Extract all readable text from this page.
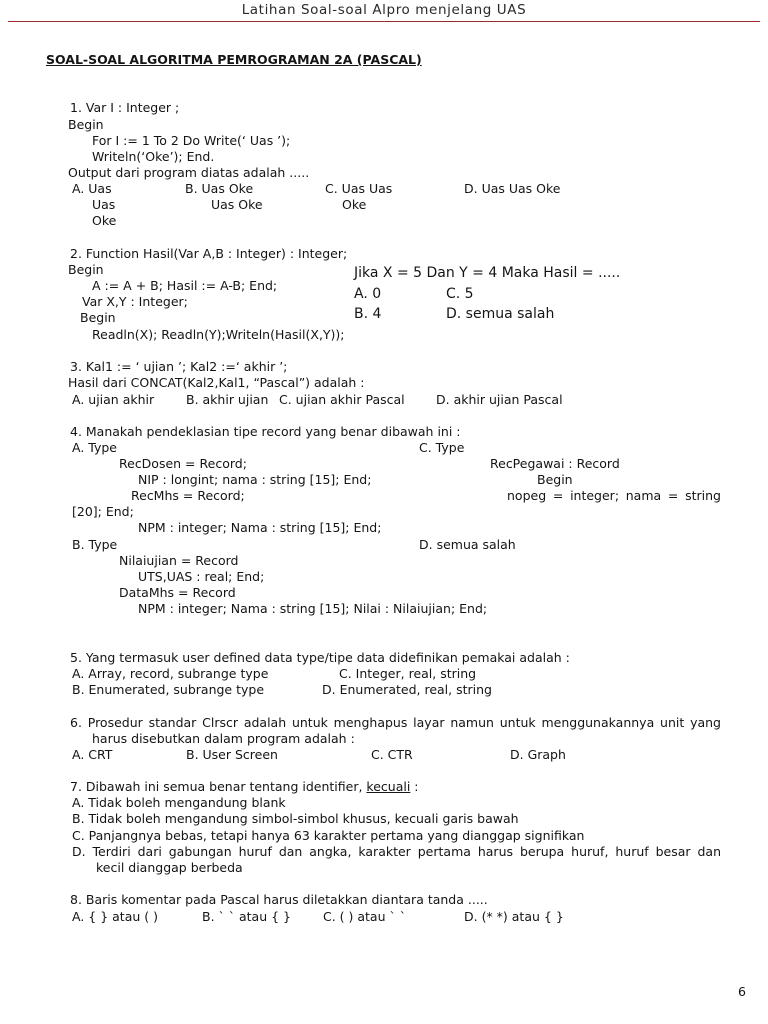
Latihan Soal-soal Alpro menjelang UAS
SOAL-SOAL ALGORITMA PEMROGRAMAN 2A (PASCAL)
1. Var I : Integer ;
Begin
For I := 1 To 2 Do Write(‘ Uas ’);
Writeln(‘Oke’); End.
Output dari program diatas adalah .....
A. Uas	B. Uas Oke	C. Uas Uas	D. Uas Uas Oke
Uas	Uas Oke	Oke
Oke
2. Function Hasil(Var A,B : Integer) : Integer;
Begin
A := A + B; Hasil := A-B; End;
Var X,Y : Integer;
Begin
Readln(X); Readln(Y);Writeln(Hasil(X,Y));
Jika X = 5 Dan Y = 4 Maka Hasil = .....
A. 0	C. 5
B. 4	D. semua salah
3. Kal1 := ‘ ujian ’; Kal2 :=‘ akhir ’;
Hasil dari CONCAT(Kal2,Kal1, “Pascal”) adalah :
A. ujian akhir	B. akhir ujian C. ujian akhir Pascal	D. akhir ujian Pascal
4. Manakah pendeklasian tipe record yang benar dibawah ini :
A. Type	C. Type
RecDosen = Record;	RecPegawai : Record
NIP : longint; nama : string [15]; End;	Begin
RecMhs = Record;	nopeg = integer; nama = string
[20]; End;
NPM : integer; Nama : string [15]; End;
B. Type	D. semua salah
Nilaiujian = Record
UTS,UAS : real; End;
DataMhs = Record
NPM : integer; Nama : string [15]; Nilai : Nilaiujian; End;
5. Yang termasuk user defined data type/tipe data didefinikan pemakai adalah :
A. Array, record, subrange type	C. Integer, real, string
B. Enumerated, subrange type	D. Enumerated, real, string
6. Prosedur standar Clrscr adalah untuk menghapus layar namun untuk menggunakannya unit yang
harus disebutkan dalam program adalah :
A. CRT	B. User Screen	C. CTR	D. Graph
7. Dibawah ini semua benar tentang identifier, kecuali :
A. Tidak boleh mengandung blank
B. Tidak boleh mengandung simbol-simbol khusus, kecuali garis bawah
C. Panjangnya bebas, tetapi hanya 63 karakter pertama yang dianggap signifikan
D. Terdiri dari gabungan huruf dan angka, karakter pertama harus berupa huruf, huruf besar dan
kecil dianggap berbeda
8. Baris komentar pada Pascal harus diletakkan diantara tanda .....
A. { } atau ( )	B. ` ` atau { }	C. ( ) atau ` `	D. (* *) atau { }
6
